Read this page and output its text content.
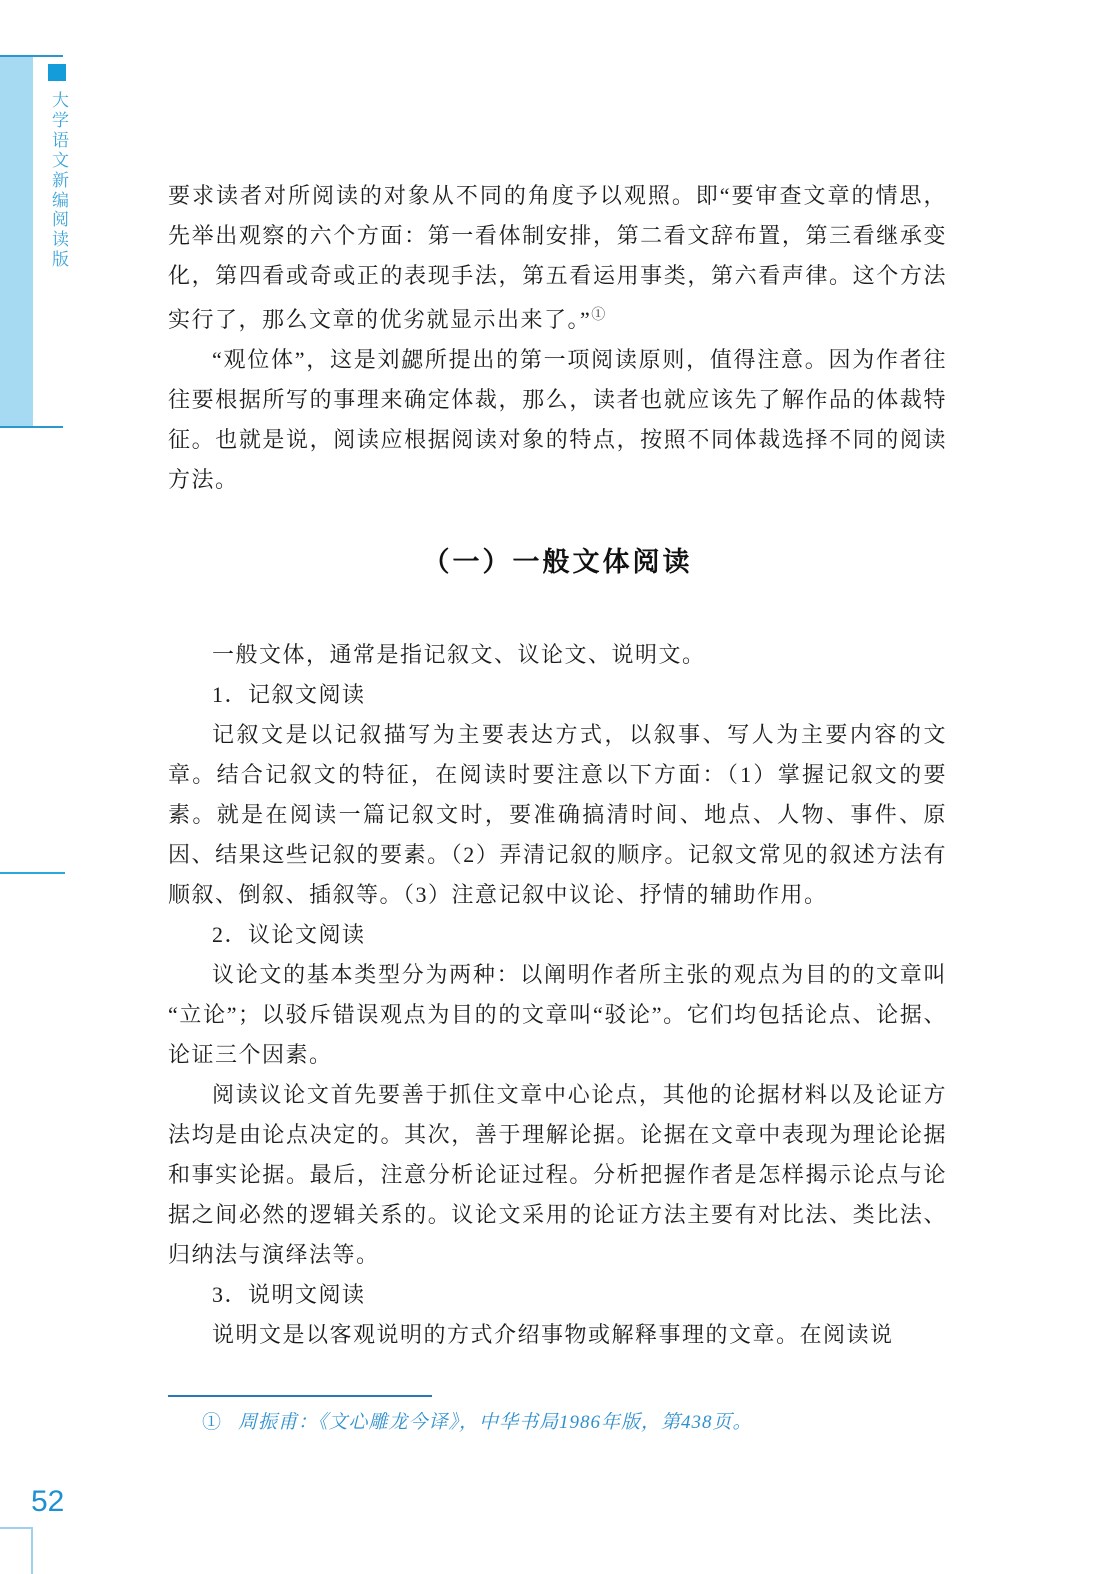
大学语文新编
阅读版
52

要求读者对所阅读的对象从不同的角度予以观照。即“要审查文章的情思，先举出观察的六个方面：第一看体制安排，第二看文辞布置，第三看继承变化，第四看或奇或正的表现手法，第五看运用事类，第六看声律。这个方法实行了，那么文章的优劣就显示出来了。”①

“观位体”，这是刘勰所提出的第一项阅读原则，值得注意。因为作者往往要根据所写的事理来确定体裁，那么，读者也就应该先了解作品的体裁特征。也就是说，阅读应根据阅读对象的特点，按照不同体裁选择不同的阅读方法。

（一）一般文体阅读

一般文体，通常是指记叙文、议论文、说明文。

1．记叙文阅读

记叙文是以记叙描写为主要表达方式，以叙事、写人为主要内容的文章。结合记叙文的特征，在阅读时要注意以下方面：（1）掌握记叙文的要素。就是在阅读一篇记叙文时，要准确搞清时间、地点、人物、事件、原因、结果这些记叙的要素。（2）弄清记叙的顺序。记叙文常见的叙述方法有顺叙、倒叙、插叙等。（3）注意记叙中议论、抒情的辅助作用。

2．议论文阅读

议论文的基本类型分为两种：以阐明作者所主张的观点为目的的文章叫“立论”；以驳斥错误观点为目的的文章叫“驳论”。它们均包括论点、论据、论证三个因素。

阅读议论文首先要善于抓住文章中心论点，其他的论据材料以及论证方法均是由论点决定的。其次，善于理解论据。论据在文章中表现为理论论据和事实论据。最后，注意分析论证过程。分析把握作者是怎样揭示论点与论据之间必然的逻辑关系的。议论文采用的论证方法主要有对比法、类比法、归纳法与演绎法等。

3．说明文阅读

说明文是以客观说明的方式介绍事物或解释事理的文章。在阅读说

① 周振甫：《文心雕龙今译》，中华书局1986年版，第438页。
